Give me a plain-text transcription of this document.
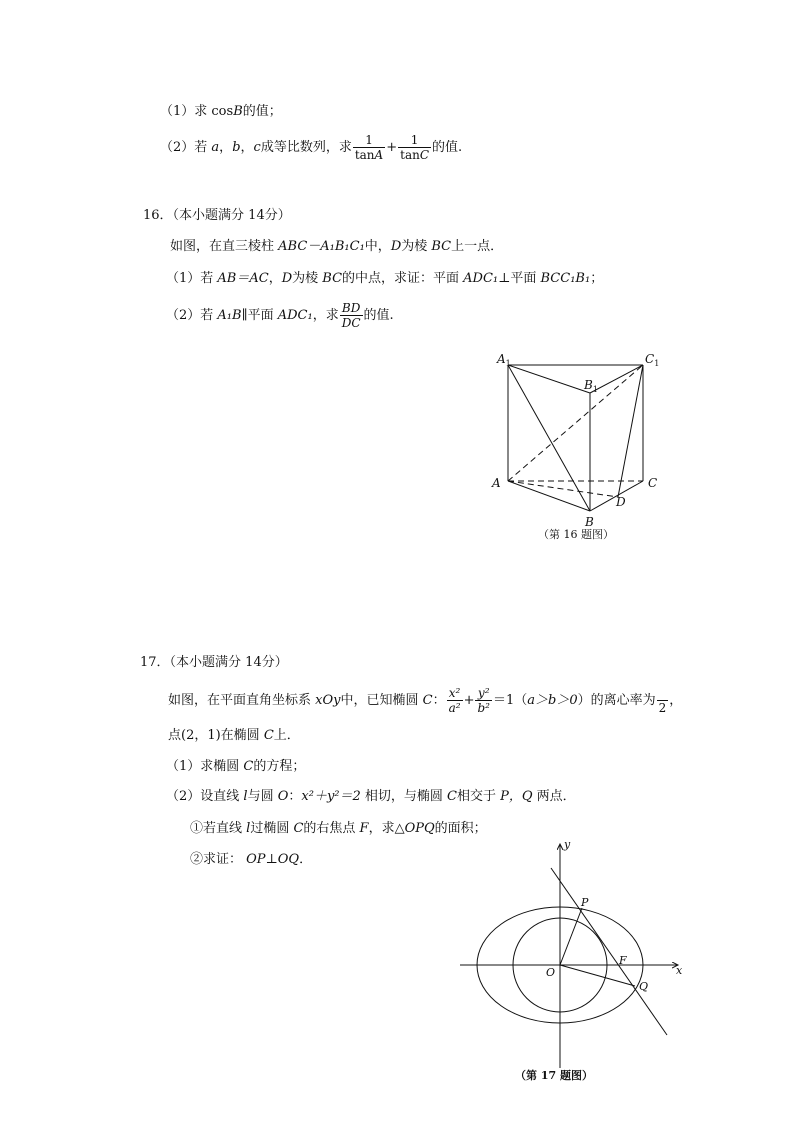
（1）求 cosB的值；
（2）若 a，b，c成等比数列，求 $\frac{1}{\tan A} + \frac{1}{\tan C}$ 的值.
16．（本小题满分 14分）
如图，在直三棱柱 ABC－A₁B₁C₁中，D为棱 BC上一点．
（1）若 AB＝AC，D为棱 BC的中点，求证：平面 ADC₁⊥平面 BCC₁B₁；
（2）若 A₁B∥平面 ADC₁，求 $\frac{BD}{DC}$ 的值.
$A_1$
$B_1$
$C_1$
A
B
C
D
（第 16 题图）
17．（本小题满分 14分）
如图，在平面直角坐标系 xOy中，已知椭圆 C： $\frac{\text{x²}}{\text{a²}} + \frac{\text{y²}}{\text{b²}} =1(a>b>0)$的离心率为
2 ，
点(2，1)在椭圆 C上．
（1）求椭圆 C的方程；
（2）设直线 l与圆 O：x²＋y²＝2 相切，与椭圆 C相交于 P，Q 两点．
①若直线 l过椭圆 C的右焦点 F，求△OPQ的面积；
②求证： OP⊥OQ．
y
x
O
P
F
Q
（第 17 题图）
